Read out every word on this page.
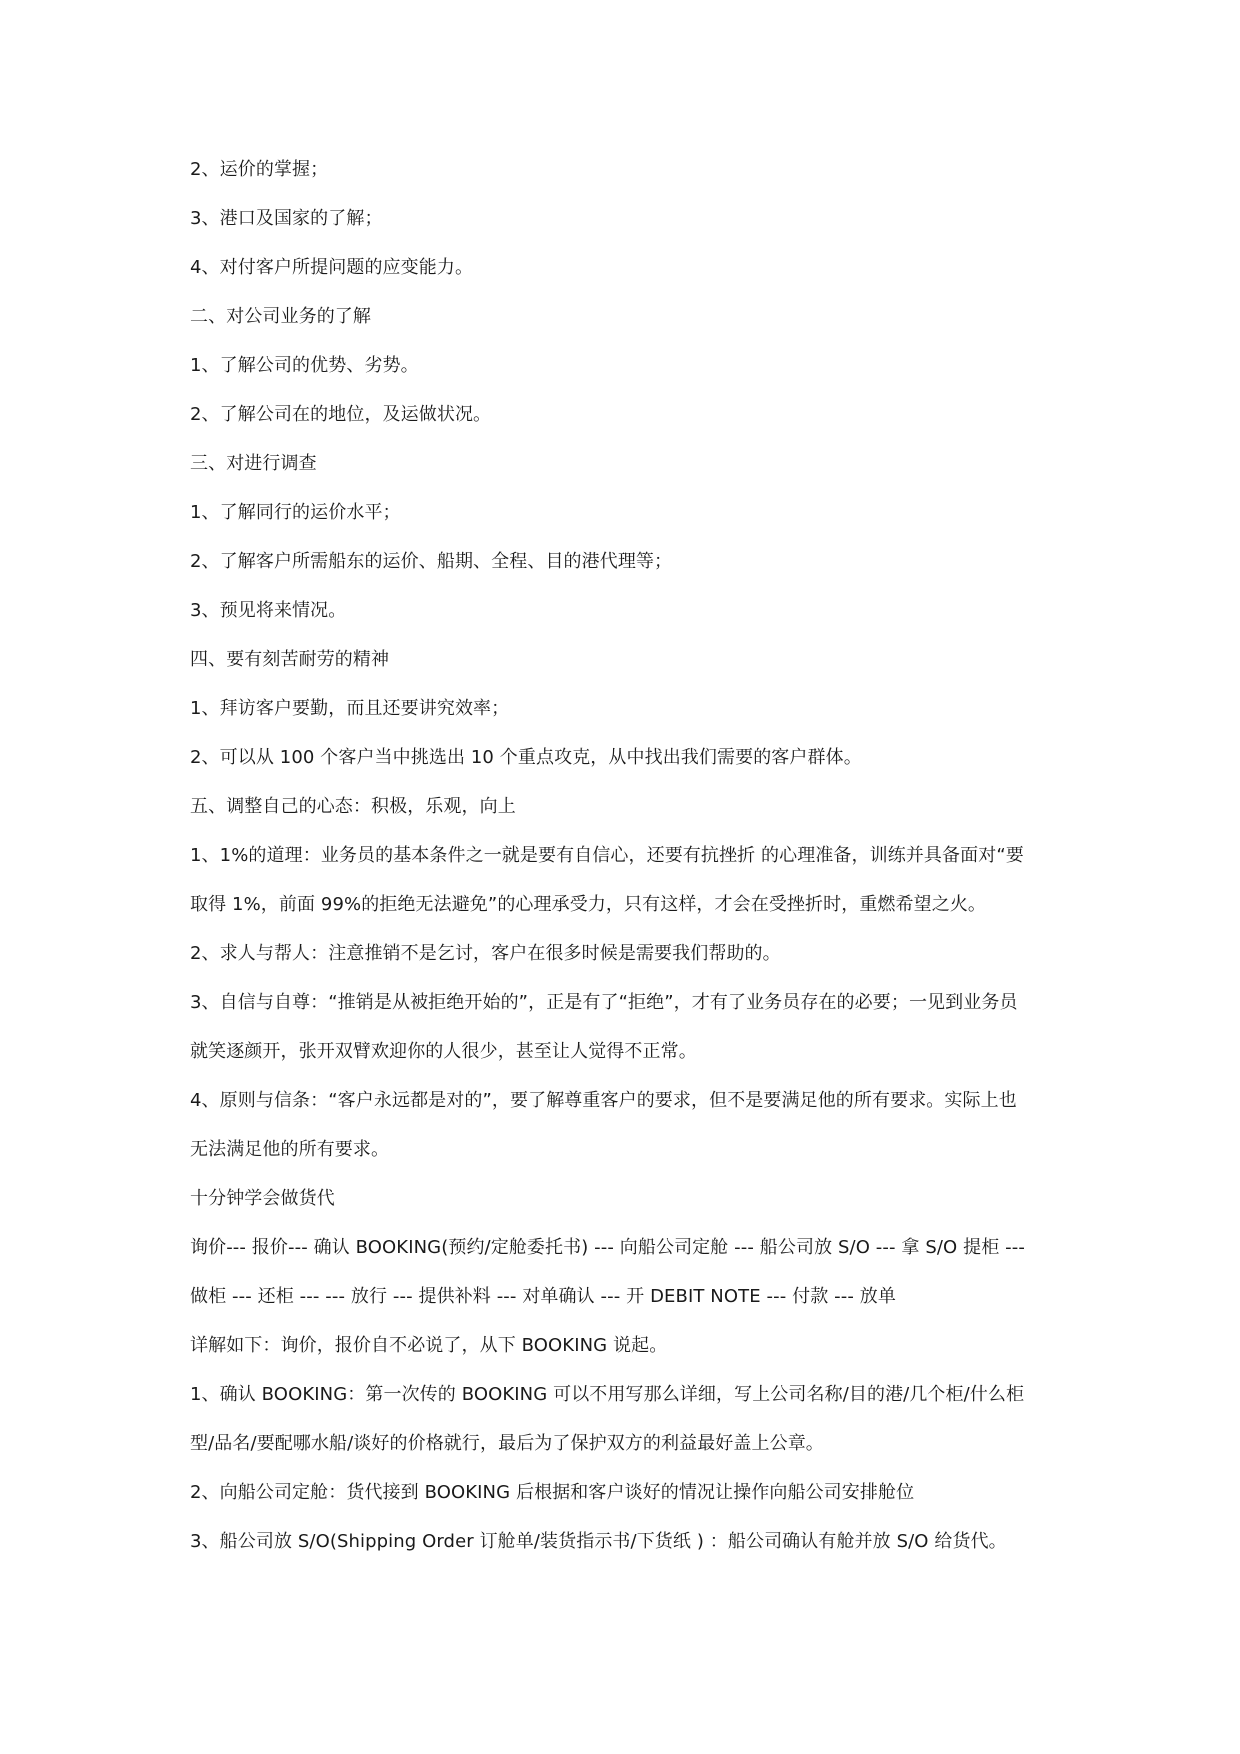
2、运价的掌握；

3、港口及国家的了解；

4、对付客户所提问题的应变能力。

二、对公司业务的了解

1、了解公司的优势、劣势。

2、了解公司在的地位，及运做状况。

三、对进行调查

1、了解同行的运价水平；

2、了解客户所需船东的运价、船期、全程、目的港代理等；

3、预见将来情况。

四、要有刻苦耐劳的精神

1、拜访客户要勤，而且还要讲究效率；

2、可以从 100 个客户当中挑选出 10 个重点攻克，从中找出我们需要的客户群体。

五、调整自己的心态：积极，乐观，向上

1、1%的道理：业务员的基本条件之一就是要有自信心，还要有抗挫折 的心理准备，训练并具备面对“要

取得 1%，前面 99%的拒绝无法避免”的心理承受力，只有这样，才会在受挫折时，重燃希望之火。

2、求人与帮人：注意推销不是乞讨，客户在很多时候是需要我们帮助的。

3、自信与自尊：“推销是从被拒绝开始的”，正是有了“拒绝”，才有了业务员存在的必要；一见到业务员

就笑逐颜开，张开双臂欢迎你的人很少，甚至让人觉得不正常。

4、原则与信条：“客户永远都是对的”，要了解尊重客户的要求，但不是要满足他的所有要求。实际上也

无法满足他的所有要求。

十分钟学会做货代

询价--- 报价--- 确认 BOOKING(预约/定舱委托书) --- 向船公司定舱 --- 船公司放 S/O --- 拿 S/O 提柜 ---

做柜 --- 还柜 --- --- 放行 --- 提供补料 --- 对单确认 --- 开 DEBIT NOTE --- 付款 --- 放单

详解如下：询价，报价自不必说了，从下 BOOKING 说起。

1、确认 BOOKING：第一次传的 BOOKING 可以不用写那么详细，写上公司名称/目的港/几个柜/什么柜

型/品名/要配哪水船/谈好的价格就行，最后为了保护双方的利益最好盖上公章。

2、向船公司定舱：货代接到 BOOKING 后根据和客户谈好的情况让操作向船公司安排舱位

3、船公司放 S/O(Shipping Order 订舱单/装货指示书/下货纸 ) ：船公司确认有舱并放 S/O 给货代。
